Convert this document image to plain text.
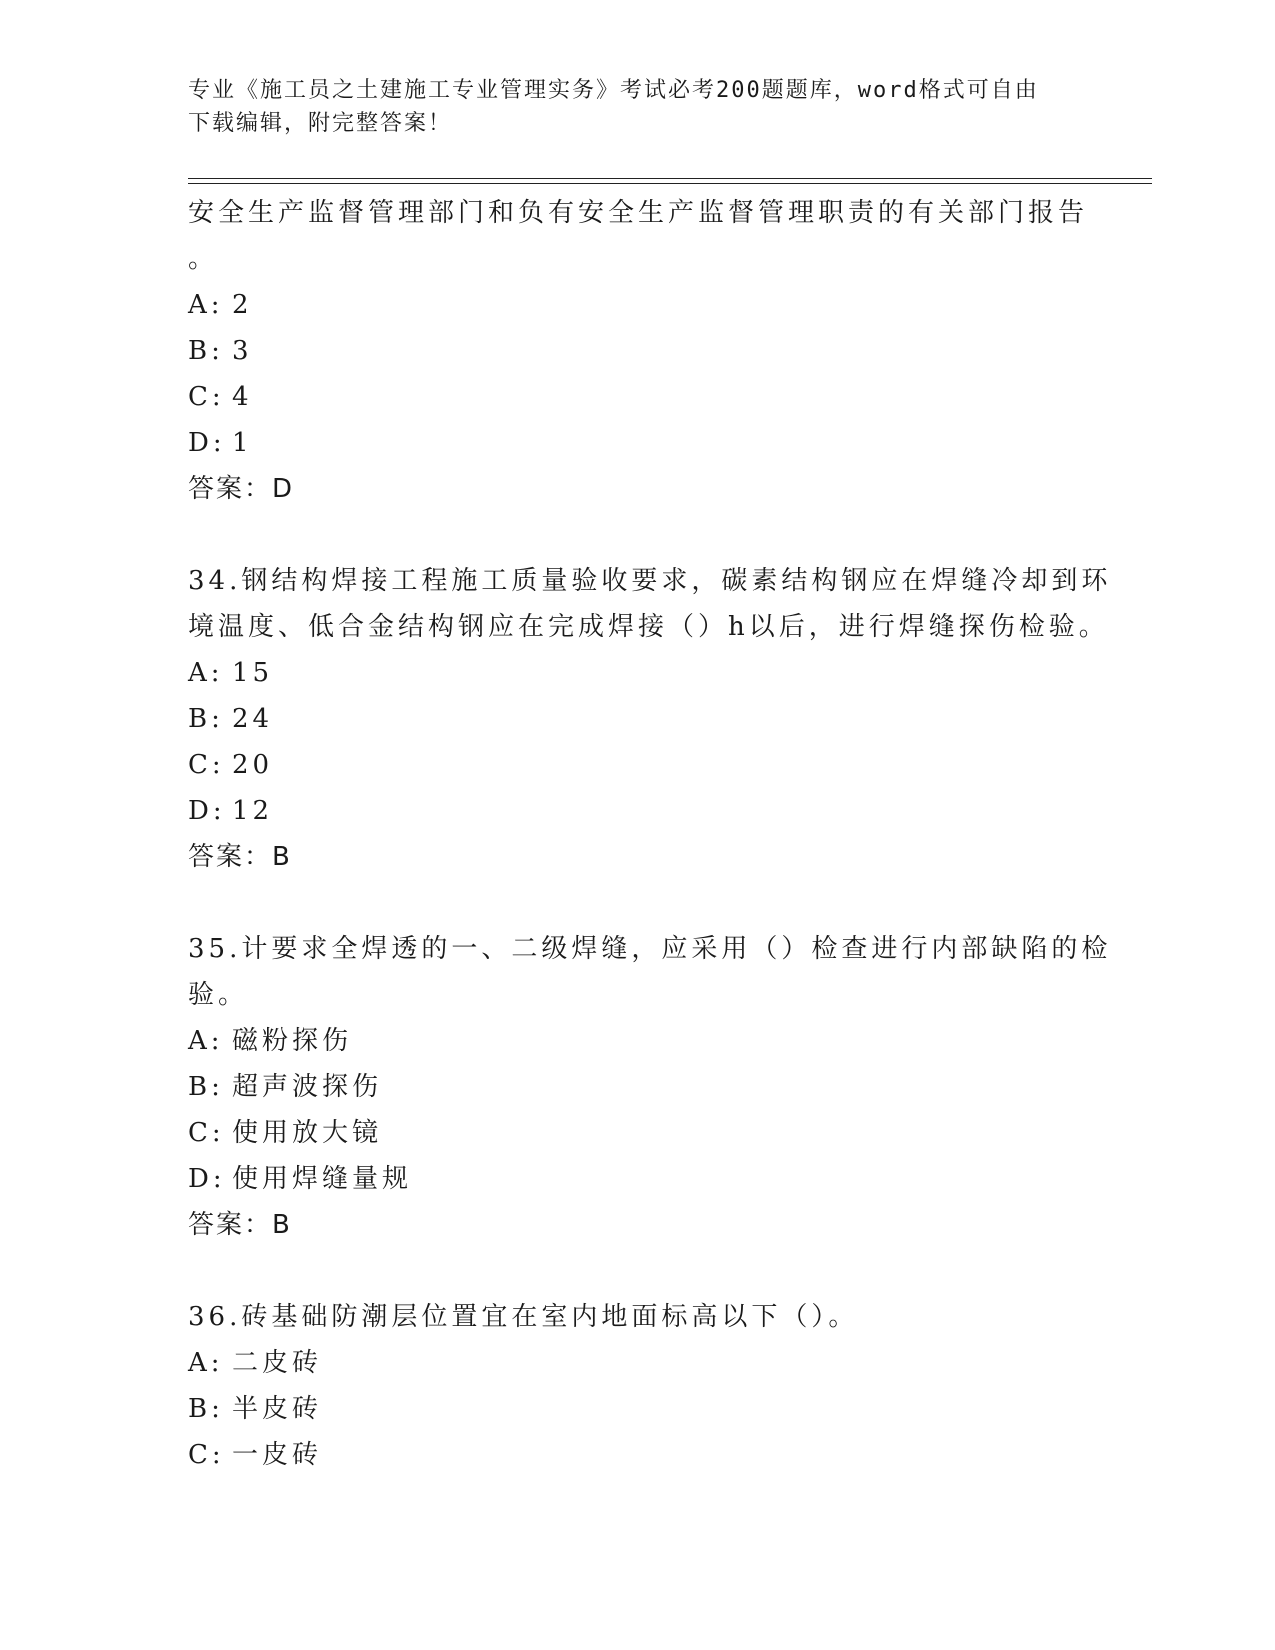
专业《施工员之土建施工专业管理实务》考试必考200题题库，word格式可自由
下载编辑，附完整答案！
安全生产监督管理部门和负有安全生产监督管理职责的有关部门报告
。
A: 2
B: 3
C: 4
D: 1
答案：D
34.钢结构焊接工程施工质量验收要求，碳素结构钢应在焊缝冷却到环
境温度、低合金结构钢应在完成焊接（）h以后，进行焊缝探伤检验。
A: 15
B: 24
C: 20
D: 12
答案：B
35.计要求全焊透的一、二级焊缝，应采用（）检查进行内部缺陷的检
验。
A: 磁粉探伤
B: 超声波探伤
C: 使用放大镜
D: 使用焊缝量规
答案：B
36.砖基础防潮层位置宜在室内地面标高以下（）。
A: 二皮砖
B: 半皮砖
C: 一皮砖
